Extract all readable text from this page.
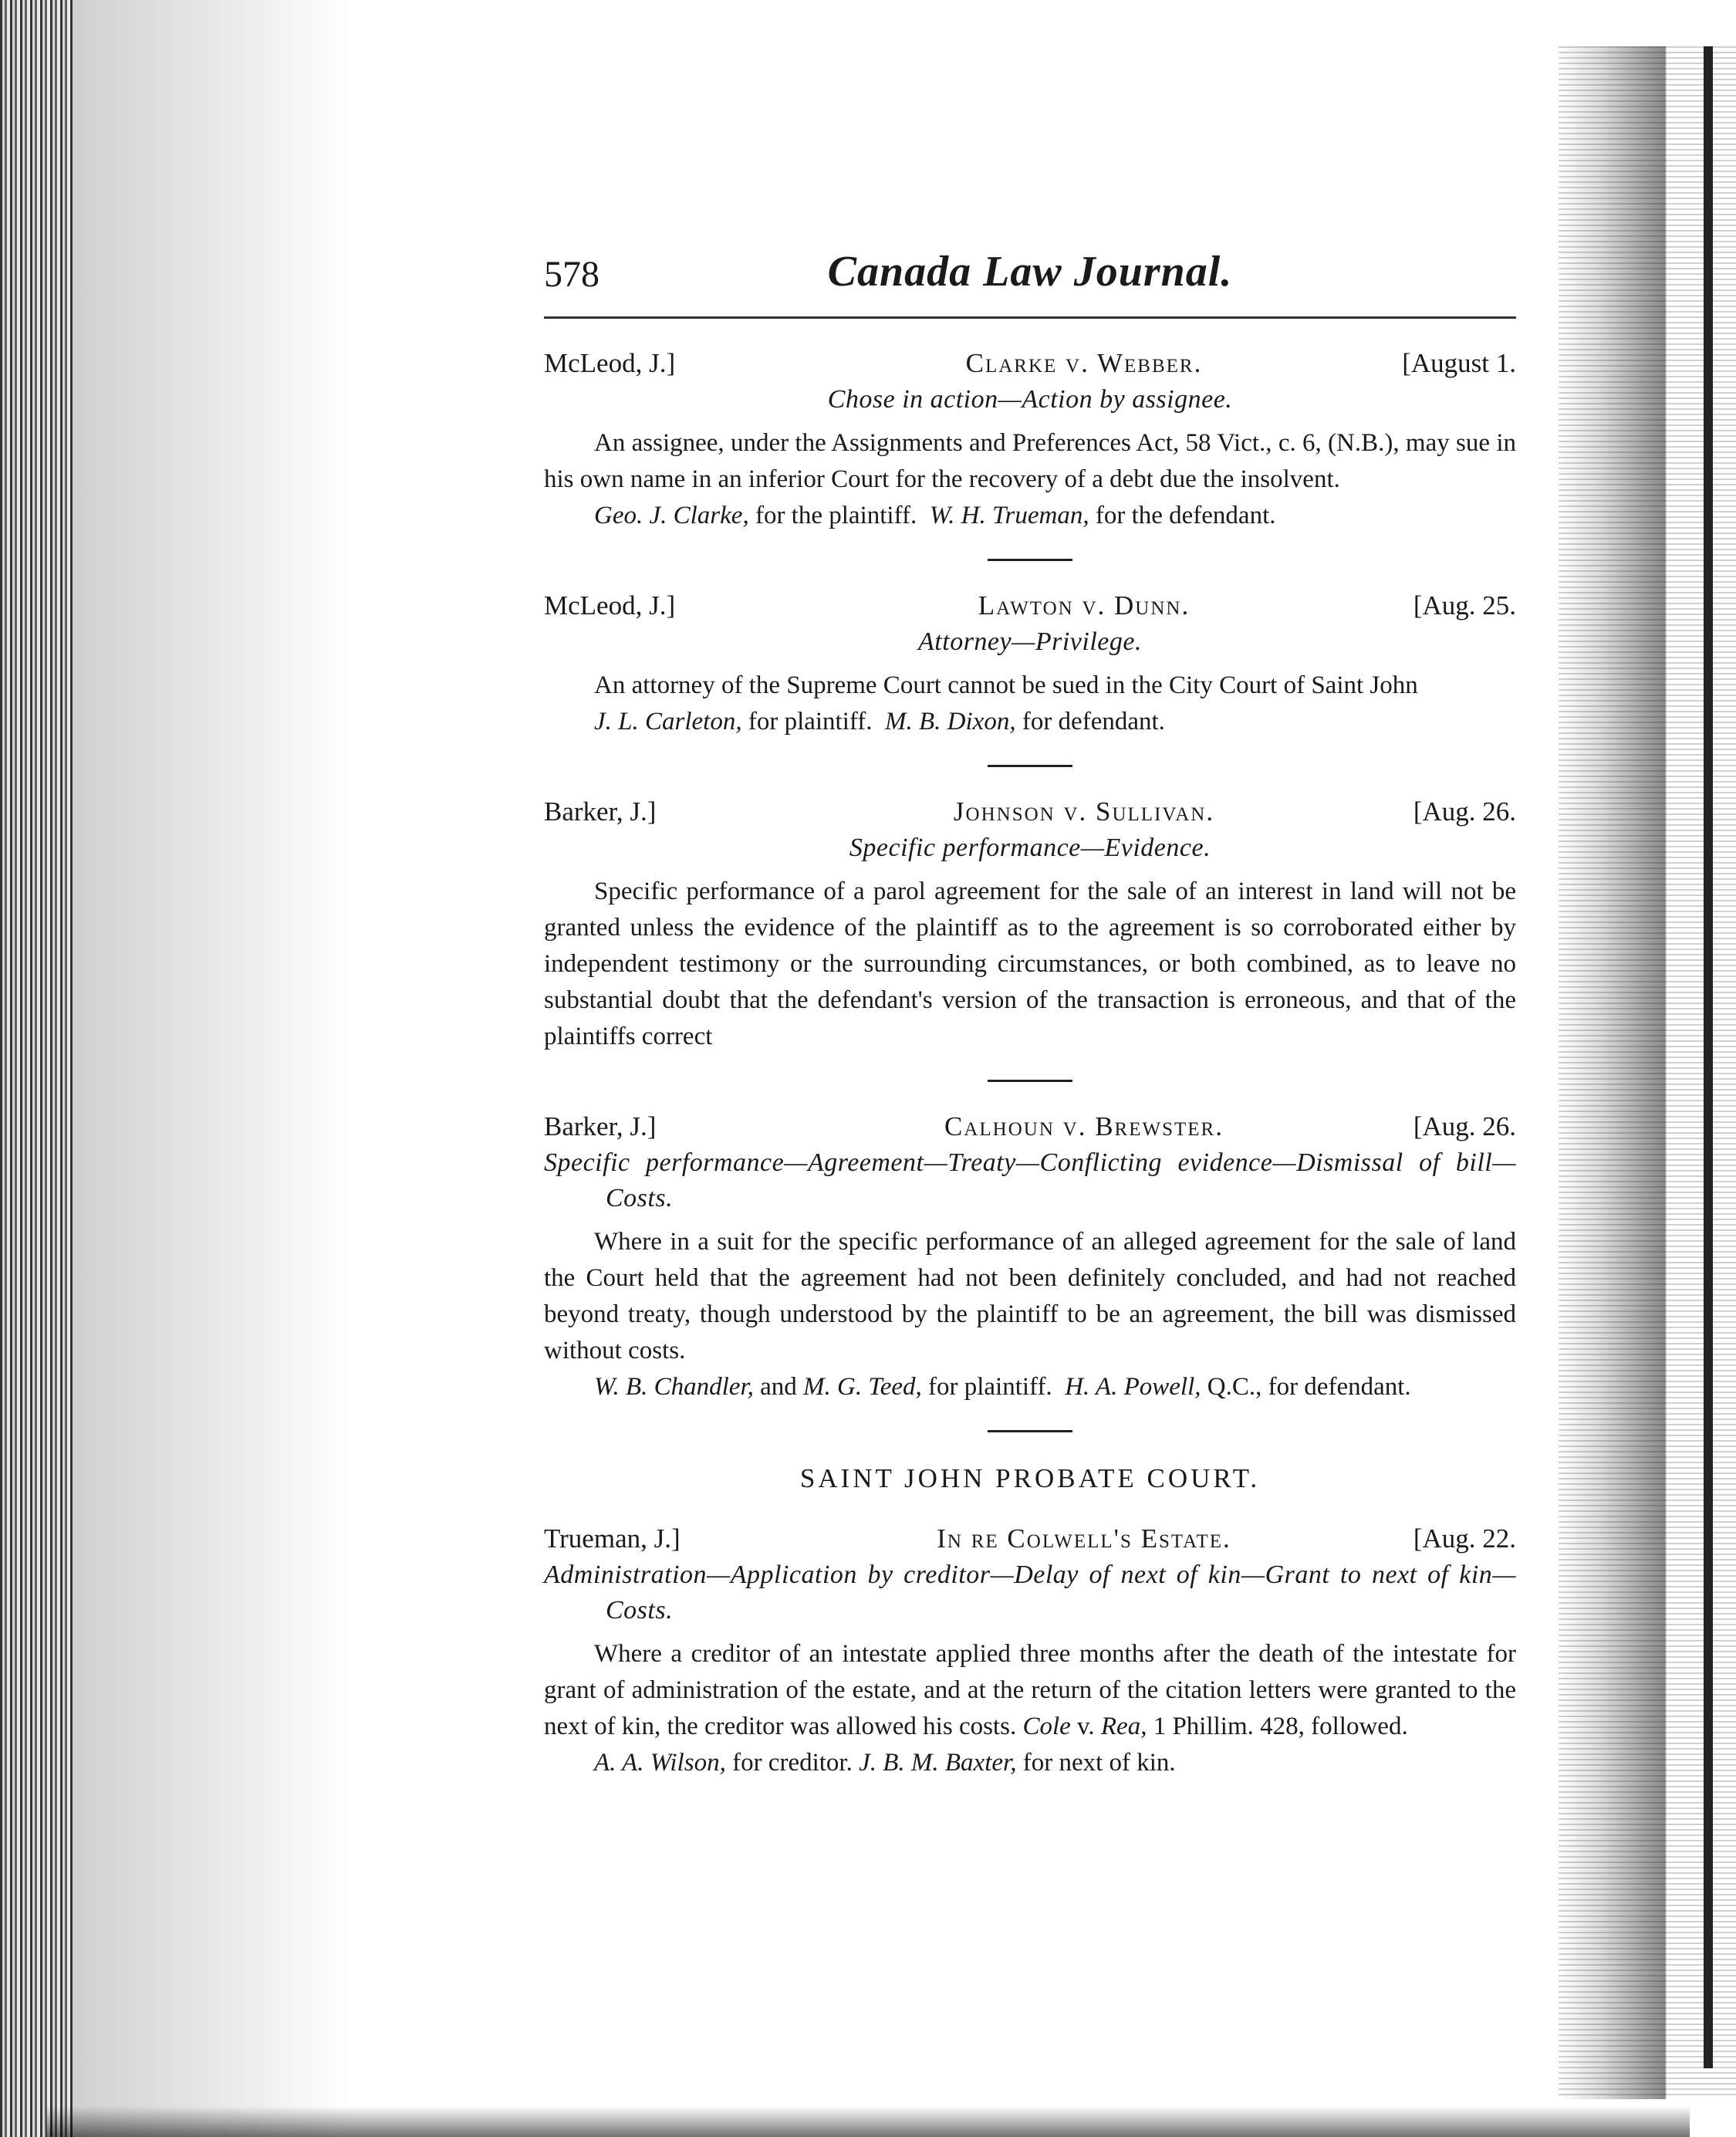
578	Canada Law Journal.
McLeod, J.]	Clarke v. Webber.	[August 1.
Chose in action—Action by assignee.

An assignee, under the Assignments and Preferences Act, 58 Vict., c. 6, (N.B.), may sue in his own name in an inferior Court for the recovery of a debt due the insolvent.

Geo. J. Clarke, for the plaintiff. W. H. Trueman, for the defendant.

McLeod, J.]	Lawton v. Dunn.	[Aug. 25.
Attorney—Privilege.

An attorney of the Supreme Court cannot be sued in the City Court of Saint John

J. L. Carleton, for plaintiff. M. B. Dixon, for defendant.

Barker, J.]	Johnson v. Sullivan.	[Aug. 26.
Specific performance—Evidence.

Specific performance of a parol agreement for the sale of an interest in land will not be granted unless the evidence of the plaintiff as to the agreement is so corroborated either by independent testimony or the surrounding circumstances, or both combined, as to leave no substantial doubt that the defendant's version of the transaction is erroneous, and that of the plaintiffs correct

Barker, J.]	Calhoun v. Brewster.	[Aug. 26.
Specific performance—Agreement—Treaty—Conflicting evidence—Dismissal of bill—Costs.

Where in a suit for the specific performance of an alleged agreement for the sale of land the Court held that the agreement had not been definitely concluded, and had not reached beyond treaty, though understood by the plaintiff to be an agreement, the bill was dismissed without costs.

W. B. Chandler, and M. G. Teed, for plaintiff.  H. A. Powell, Q.C., for defendant.

SAINT JOHN PROBATE COURT.
Trueman, J.]	In re Colwell's Estate.	[Aug. 22.
Administration—Application by creditor—Delay of next of kin—Grant to next of kin—Costs.

Where a creditor of an intestate applied three months after the death of the intestate for grant of administration of the estate, and at the return of the citation letters were granted to the next of kin, the creditor was allowed his costs. Cole v. Rea, 1 Phillim. 428, followed.

A. A. Wilson, for creditor. J. B. M. Baxter, for next of kin.
